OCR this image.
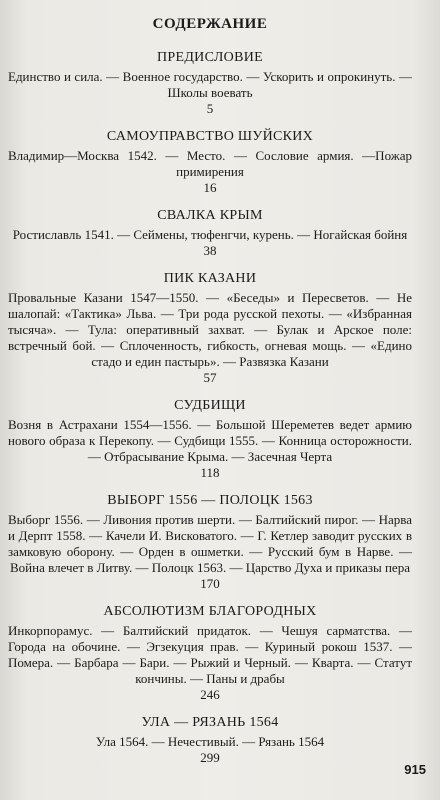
СОДЕРЖАНИЕ
ПРЕДИСЛОВИЕ

Единство и сила. — Военное государство. — Ускорить и опрокинуть. — Школы воевать

5
САМОУПРАВСТВО ШУЙСКИХ

Владимир—Москва 1542. — Место. — Сословие армия. —Пожар примирения

16
СВАЛКА КРЫМ

Ростиславль 1541. — Сеймены, тюфенгчи, курень. — Ногайская бойня

38
ПИК КАЗАНИ

Провальные Казани 1547—1550. — «Беседы» и Пересветов. — Не шалопай: «Тактика» Льва. — Три рода русской пехоты. — «Избранная тысяча». — Тула: оперативный захват. — Булак и Арское поле: встречный бой. — Сплоченность, гибкость, огневая мощь. — «Едино стадо и един пастырь». — Развязка Казани

57
СУДБИЩИ

Возня в Астрахани 1554—1556. — Большой Шереметев ведет армию нового образа к Перекопу. — Судбищи 1555. — Конница осторожности. — Отбрасывание Крыма. — Засечная Черта

118
ВЫБОРГ 1556 — ПОЛОЦК 1563

Выборг 1556. — Ливония против шерти. — Балтийский пирог. — Нарва и Дерпт 1558. — Качели И. Висковатого. — Г. Кетлер заводит русских в замковую оборону. — Орден в ошметки. — Русский бум в Нарве. — Война влечет в Литву. — Полоцк 1563. — Царство Духа и приказы пера

170
АБСОЛЮТИЗМ БЛАГОРОДНЫХ

Инкорпорамус. — Балтийский придаток. — Чешуя сарматства. — Города на обочине. — Эгзекуция прав. — Куриный рокош 1537. — Помера. — Барбара — Бари. — Рыжий и Черный. — Кварта. — Статут кончины. — Паны и драбы

246
УЛА — РЯЗАНЬ 1564

Ула 1564. — Нечестивый. — Рязань 1564

299
915
